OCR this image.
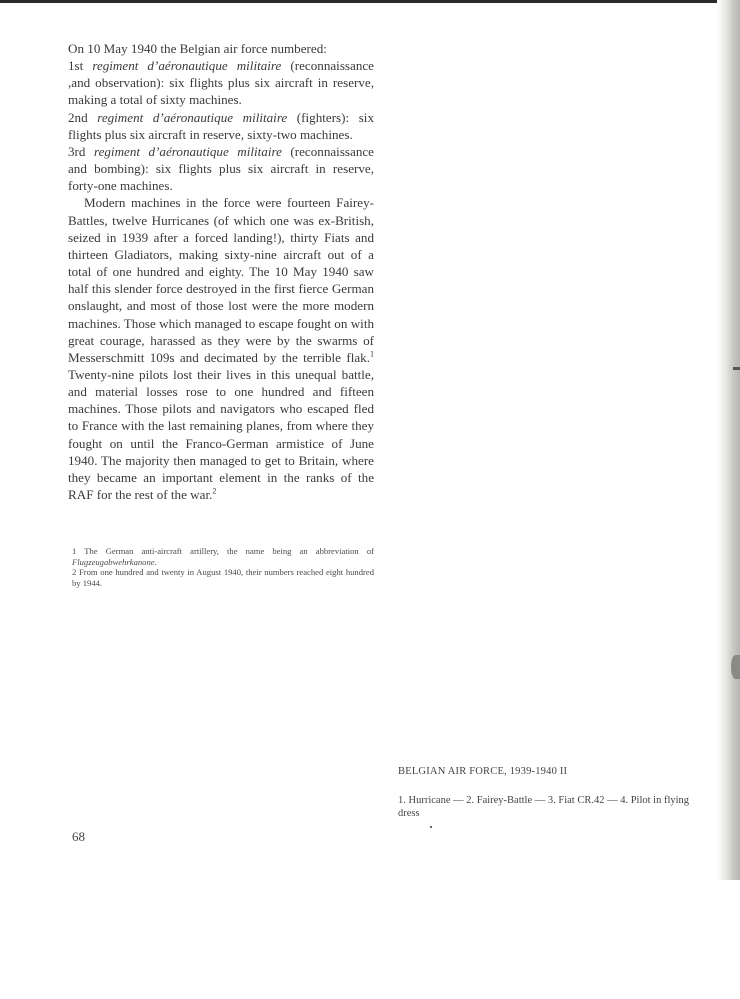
On 10 May 1940 the Belgian air force numbered:

1st regiment d’aéronautique militaire (reconnaissance ,and observation): six flights plus six aircraft in reserve, making a total of sixty machines.

2nd regiment d’aéronautique militaire (fighters): six flights plus six aircraft in reserve, sixty-two machines.

3rd regiment d’aéronautique militaire (reconnaissance and bombing): six flights plus six aircraft in reserve, forty-one machines.

Modern machines in the force were fourteen Fairey-Battles, twelve Hurricanes (of which one was ex-British, seized in 1939 after a forced landing!), thirty Fiats and thirteen Gladiators, making sixty-nine aircraft out of a total of one hundred and eighty. The 10 May 1940 saw half this slender force destroyed in the first fierce German onslaught, and most of those lost were the more modern machines. Those which managed to escape fought on with great courage, harassed as they were by the swarms of Messerschmitt 109s and decimated by the terrible flak.$^1$ Twenty-nine pilots lost their lives in this unequal battle, and material losses rose to one hundred and fifteen machines. Those pilots and navigators who escaped fled to France with the last remaining planes, from where they fought on until the Franco-German armistice of June 1940. The majority then managed to get to Britain, where they became an important element in the ranks of the RAF for the rest of the war.$^2$

1 The German anti-aircraft artillery, the name being an abbreviation of Flugzeugabwehrkanone.

2 From one hundred and twenty in August 1940, their numbers reached eight hundred by 1944.

BELGIAN AIR FORCE, 1939-1940 II
1. Hurricane — 2. Fairey-Battle — 3. Fiat CR.42 — 4. Pilot in flying dress
68
